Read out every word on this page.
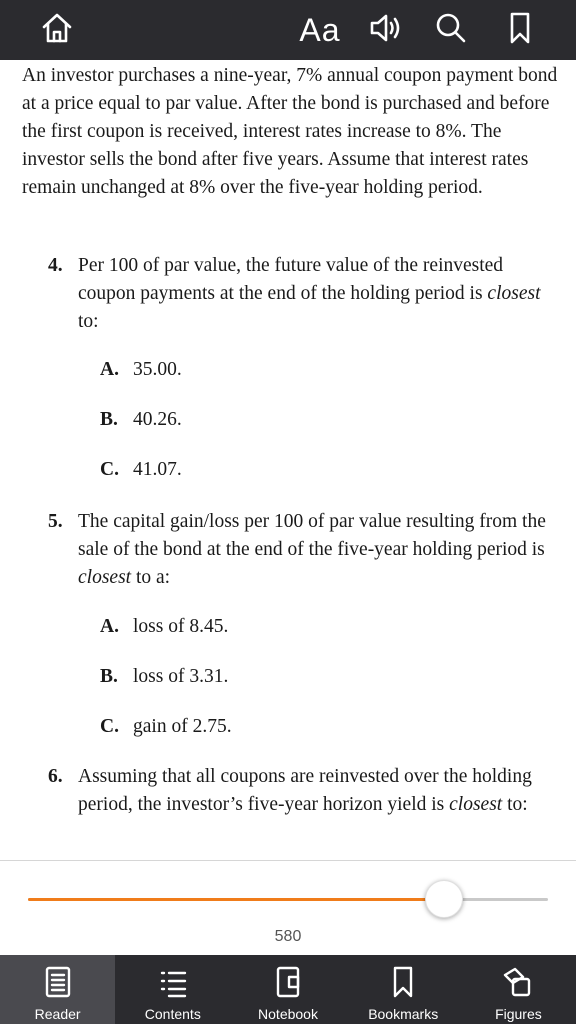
Aa

An investor purchases a nine-year, 7% annual coupon payment bond at a price equal to par value. After the bond is purchased and before the first coupon is received, interest rates increase to 8%. The investor sells the bond after five years. Assume that interest rates remain unchanged at 8% over the five-year holding period.

4. Per 100 of par value, the future value of the reinvested coupon payments at the end of the holding period is closest to:

A. 35.00.
B. 40.26.
C. 41.07.
5. The capital gain/loss per 100 of par value resulting from the sale of the bond at the end of the five-year holding period is closest to a:

A. loss of 8.45.
B. loss of 3.31.
C. gain of 2.75.
6. Assuming that all coupons are reinvested over the holding period, the investor’s five-year horizon yield is closest to:

580
Reader	Contents	Notebook	Bookmarks	Figures
